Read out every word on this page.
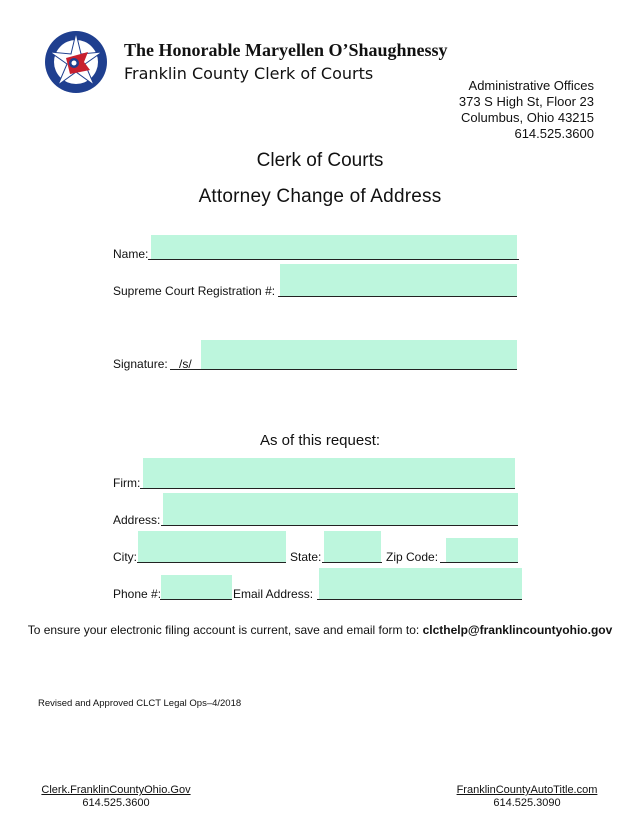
The Honorable Maryellen O’Shaughnessy
Franklin County Clerk of Courts
Administrative Offices
373 S High St, Floor 23
Columbus, Ohio 43215
614.525.3600
Clerk of Courts
Attorney Change of Address
Name:
Supreme Court Registration #:
Signature: /s/
As of this request:
Firm:
Address:
City:	State:	Zip Code:
Phone #:	Email Address:
To ensure your electronic filing account is current, save and email form to: clcthelp@franklincountyohio.gov
Revised and Approved CLCT Legal Ops–4/2018
Clerk.FranklinCountyOhio.Gov
614.525.3600
FranklinCountyAutoTitle.com
614.525.3090
